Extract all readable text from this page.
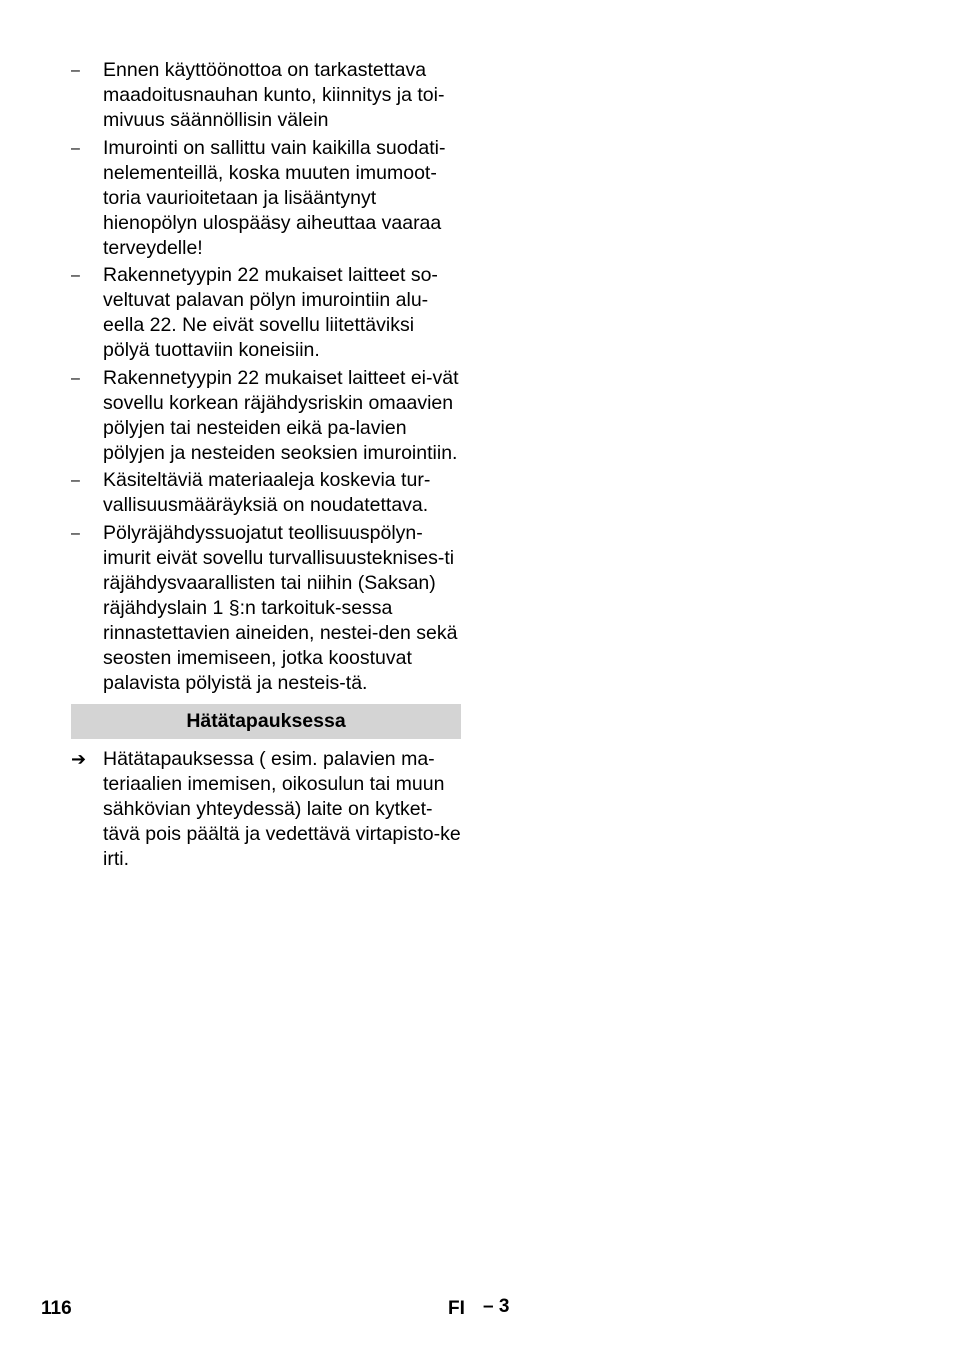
–	Ennen käyttöönottoa on tarkastettava maadoitusnauhan kunto, kiinnitys ja toi-mivuus säännöllisin välein
–	Imurointi on sallittu vain kaikilla suodati-nelementeillä, koska muuten imumoot-toria vaurioitetaan ja lisääntynyt hienopölyn ulospääsy aiheuttaa vaaraa terveydelle!
–	Rakennetyypin 22 mukaiset laitteet so-veltuvat palavan pölyn imurointiin alu-eella 22. Ne eivät sovellu liitettäviksi pölyä tuottaviin koneisiin.
–	Rakennetyypin 22 mukaiset laitteet ei-vät sovellu korkean räjähdysriskin omaavien pölyjen tai nesteiden eikä pa-lavien pölyjen ja nesteiden seoksien imurointiin.
–	Käsiteltäviä materiaaleja koskevia tur-vallisuusmääräyksiä on noudatettava.
–	Pölyräjähdyssuojatut teollisuuspölyn-imurit eivät sovellu turvallisuusteknises-ti räjähdysvaarallisten tai niihin (Saksan) räjähdyslain 1 §:n tarkoituk-sessa rinnastettavien aineiden, nestei-den sekä seosten imemiseen, jotka koostuvat palavista pölyistä ja nesteis-tä.
Hätätapauksessa
➔ Hätätapauksessa ( esim. palavien ma-teriaalien imemisen, oikosulun tai muun sähkövian yhteydessä) laite on kytket-tävä pois päältä ja vedettävä virtapisto-ke irti.
116	FI – 3
